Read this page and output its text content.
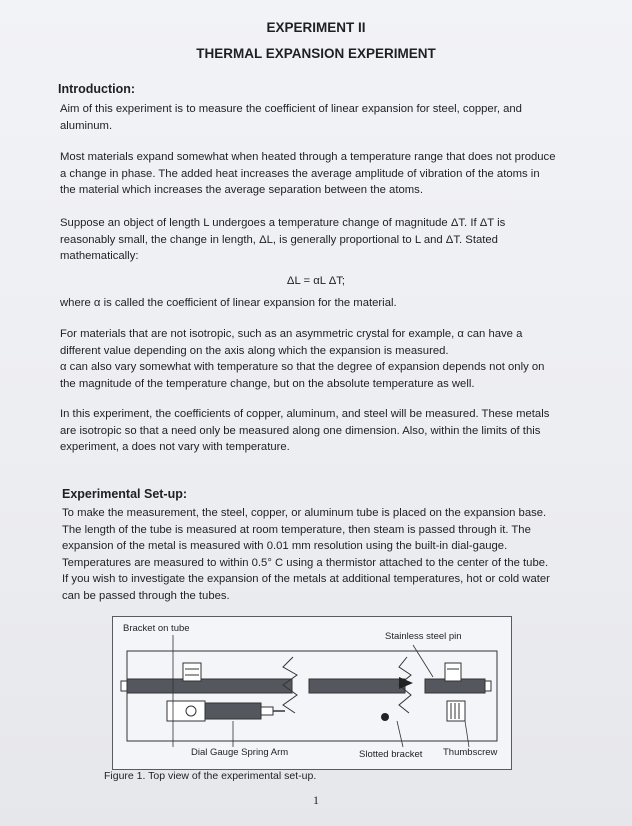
EXPERIMENT II
THERMAL EXPANSION EXPERIMENT
Introduction:
Aim of this experiment is to measure the coefficient of linear expansion for steel, copper, and aluminum.
Most materials expand somewhat when heated through a temperature range that does not produce a change in phase. The added heat increases the average amplitude of vibration of the atoms in the material which increases the average separation between the atoms.
Suppose an object of length L undergoes a temperature change of magnitude ΔT. If ΔT is reasonably small, the change in length, ΔL, is generally proportional to L and ΔT. Stated mathematically:
ΔL = αL ΔT;
where α is called the coefficient of linear expansion for the material.
For materials that are not isotropic, such as an asymmetric crystal for example, α can have a different value depending on the axis along which the expansion is measured.
α can also vary somewhat with temperature so that the degree of expansion depends not only on the magnitude of the temperature change, but on the absolute temperature as well.
In this experiment, the coefficients of copper, aluminum, and steel will be measured. These metals are isotropic so that a need only be measured along one dimension. Also, within the limits of this experiment, a does not vary with temperature.
Experimental Set-up:
To make the measurement, the steel, copper, or aluminum tube is placed on the expansion base. The length of the tube is measured at room temperature, then steam is passed through it. The expansion of the metal is measured with 0.01 mm resolution using the built-in dial-gauge. Temperatures are measured to within 0.5° C using a thermistor attached to the center of the tube. If you wish to investigate the expansion of the metals at additional temperatures, hot or cold water can be passed through the tubes.
Bracket on tube
Stainless steel pin
Dial Gauge Spring Arm	Slotted bracket Thumbscrew
Figure 1. Top view of the experimental set-up.
1
